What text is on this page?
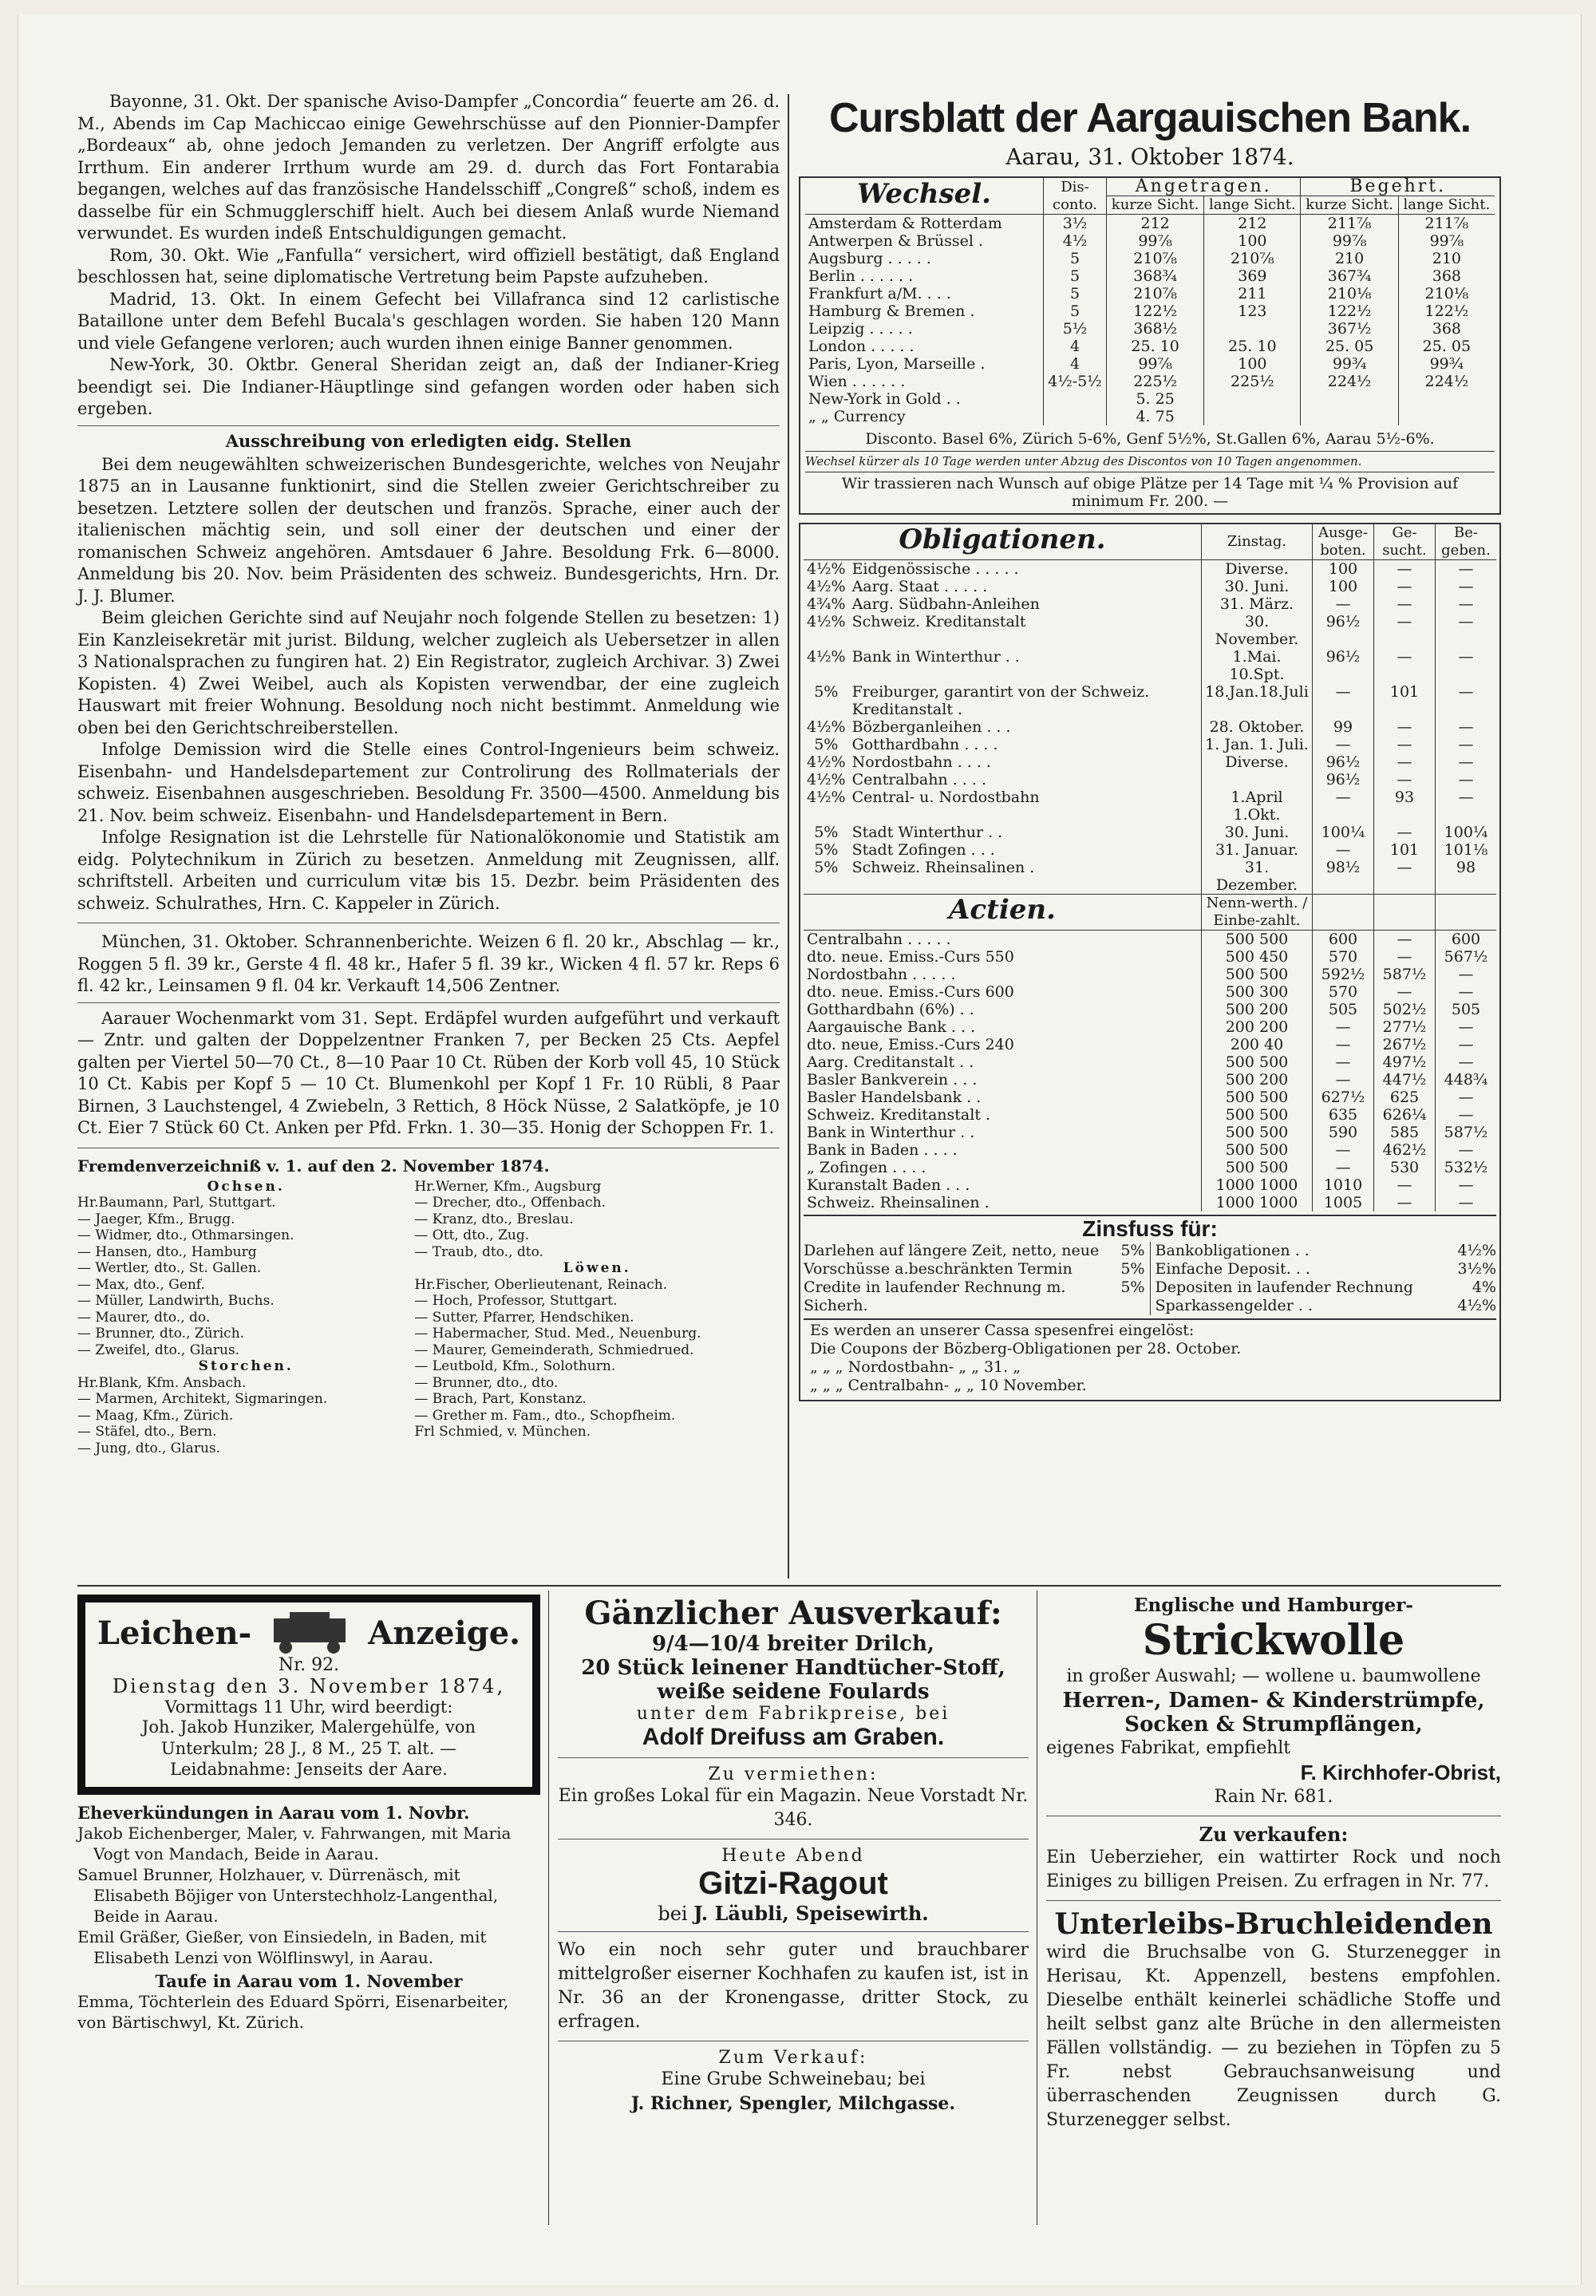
Bayonne, 31. Okt. Der spanische Aviso-Dampfer „Concordia“ feuerte am 26. d. M., Abends im Cap Machiccao einige Gewehrschüsse auf den Pionnier-Dampfer „Bordeaux“ ab, ohne jedoch Jemanden zu verletzen. Der Angriff erfolgte aus Irrthum. Ein anderer Irrthum wurde am 29. d. durch das Fort Fontarabia begangen, welches auf das französische Handelsschiff „Congreß“ schoß, indem es dasselbe für ein Schmugglerschiff hielt. Auch bei diesem Anlaß wurde Niemand verwundet. Es wurden indeß Entschuldigungen gemacht.

Rom, 30. Okt. Wie „Fanfulla“ versichert, wird offiziell bestätigt, daß England beschlossen hat, seine diplomatische Vertretung beim Papste aufzuheben.

Madrid, 13. Okt. In einem Gefecht bei Villafranca sind 12 carlistische Bataillone unter dem Befehl Bucala's geschlagen worden. Sie haben 120 Mann und viele Gefangene verloren; auch wurden ihnen einige Banner genommen.

New-York, 30. Oktbr. General Sheridan zeigt an, daß der Indianer-Krieg beendigt sei. Die Indianer-Häuptlinge sind gefangen worden oder haben sich ergeben.

Ausschreibung von erledigten eidg. Stellen

Bei dem neugewählten schweizerischen Bundesgerichte, welches von Neujahr 1875 an in Lausanne funktionirt, sind die Stellen zweier Gerichtschreiber zu besetzen. Letztere sollen der deutschen und französ. Sprache, einer auch der italienischen mächtig sein, und soll einer der deutschen und einer der romanischen Schweiz angehören. Amtsdauer 6 Jahre. Besoldung Frk. 6—8000. Anmeldung bis 20. Nov. beim Präsidenten des schweiz. Bundesgerichts, Hrn. Dr. J. J. Blumer.

Beim gleichen Gerichte sind auf Neujahr noch folgende Stellen zu besetzen: 1) Ein Kanzleisekretär mit jurist. Bildung, welcher zugleich als Uebersetzer in allen 3 Nationalsprachen zu fungiren hat. 2) Ein Registrator, zugleich Archivar. 3) Zwei Kopisten. 4) Zwei Weibel, auch als Kopisten verwendbar, der eine zugleich Hauswart mit freier Wohnung. Besoldung noch nicht bestimmt. Anmeldung wie oben bei den Gerichtschreiberstellen.

Infolge Demission wird die Stelle eines Control-Ingenieurs beim schweiz. Eisenbahn- und Handelsdepartement zur Controlirung des Rollmaterials der schweiz. Eisenbahnen ausgeschrieben. Besoldung Fr. 3500—4500. Anmeldung bis 21. Nov. beim schweiz. Eisenbahn- und Handelsdepartement in Bern.

Infolge Resignation ist die Lehrstelle für Nationalökonomie und Statistik am eidg. Polytechnikum in Zürich zu besetzen. Anmeldung mit Zeugnissen, allf. schriftstell. Arbeiten und curriculum vitæ bis 15. Dezbr. beim Präsidenten des schweiz. Schulrathes, Hrn. C. Kappeler in Zürich.

München, 31. Oktober. Schrannenberichte. Weizen 6 fl. 20 kr., Abschlag — kr., Roggen 5 fl. 39 kr., Gerste 4 fl. 48 kr., Hafer 5 fl. 39 kr., Wicken 4 fl. 57 kr. Reps 6 fl. 42 kr., Leinsamen 9 fl. 04 kr. Verkauft 14,506 Zentner.

Aarauer Wochenmarkt vom 31. Sept. Erdäpfel wurden aufgeführt und verkauft — Zntr. und galten der Doppelzentner Franken 7, per Becken 25 Cts. Aepfel galten per Viertel 50—70 Ct., 8—10 Paar 10 Ct. Rüben der Korb voll 45, 10 Stück 10 Ct. Kabis per Kopf 5 — 10 Ct. Blumenkohl per Kopf 1 Fr. 10 Rübli, 8 Paar Birnen, 3 Lauchstengel, 4 Zwiebeln, 3 Rettich, 8 Höck Nüsse, 2 Salatköpfe, je 10 Ct. Eier 7 Stück 60 Ct. Anken per Pfd. Frkn. 1. 30—35. Honig der Schoppen Fr. 1.

Fremdenverzeichniß v. 1. auf den 2. November 1874.
Ochsen.
Hr.Baumann, Parl, Stuttgart.
— Jaeger, Kfm., Brugg.
— Widmer, dto., Othmarsingen.
— Hansen, dto., Hamburg
— Wertler, dto., St. Gallen.
— Max, dto., Genf.
— Müller, Landwirth, Buchs.
— Maurer, dto., do.
— Brunner, dto., Zürich.
— Zweifel, dto., Glarus.
Storchen.
Hr.Blank, Kfm. Ansbach.
— Marmen, Architekt, Sigmaringen.
— Maag, Kfm., Zürich.
— Stäfel, dto., Bern.
— Jung, dto., Glarus.
Hr.Werner, Kfm., Augsburg
— Drecher, dto., Offenbach.
— Kranz, dto., Breslau.
— Ott, dto., Zug.
— Traub, dto., dto.
Löwen.
Hr.Fischer, Oberlieutenant, Reinach.
— Hoch, Professor, Stuttgart.
— Sutter, Pfarrer, Hendschiken.
— Habermacher, Stud. Med., Neuenburg.
— Maurer, Gemeinderath, Schmiedrued.
— Leutbold, Kfm., Solothurn.
— Brunner, dto., dto.
— Brach, Part, Konstanz.
— Grether m. Fam., dto., Schopfheim.
Frl Schmied, v. München.
Cursblatt der Aargauischen Bank.
Aarau, 31. Oktober 1874.
Wechsel.	Dis-conto.	Angetragen.		Begehrt.	
		kurze Sicht.	lange Sicht.	kurze Sicht.	lange Sicht.
Amsterdam & Rotterdam	3½	212	212	211⅞	211⅞
Antwerpen & Brüssel .	4½	99⅞	100	99⅞	99⅞
Augsburg . . . . .	5	210⅞	210⅞	210	210
Berlin . . . . . .	5	368¾	369	367¾	368
Frankfurt a/M. . . .	5	210⅞	211	210⅛	210⅛
Hamburg & Bremen .	5	122½	123	122½	122½
Leipzig . . . . .	5½	368½		367½	368
London . . . . .	4	25. 10	25. 10	25. 05	25. 05
Paris, Lyon, Marseille .	4	99⅞	100	99¾	99¾
Wien . . . . . .	4½-5½	225½	225½	224½	224½
New-York in Gold . .		5. 25			
„ „ Currency		4. 75			
Disconto. Basel 6%, Zürich 5-6%, Genf 5½%, St.Gallen 6%, Aarau 5½-6%.
Wechsel kürzer als 10 Tage werden unter Abzug des Discontos von 10 Tagen angenommen.
Wir trassieren nach Wunsch auf obige Plätze per 14 Tage mit ¼ % Provision auf minimum Fr. 200. —
Obligationen.		Zinstag.	Ausge-boten.	Ge-sucht.	Be-geben.
4½%	Eidgenössische . . . . .	Diverse.	100	—	—
4½%	Aarg. Staat . . . . .	30. Juni.	100	—	—
4¾%	Aarg. Südbahn-Anleihen	31. März.	—	—	—
4½%	Schweiz. Kreditanstalt	30. November.	96½	—	—
4½%	Bank in Winterthur . .	1.Mai. 10.Spt.	96½	—	—
5%	Freiburger, garantirt von der Schweiz. Kreditanstalt .	18.Jan.18.Juli	—	101	—
4½%	Bözberganleihen . . .	28. Oktober.	99	—	—
5%	Gotthardbahn . . . .	1. Jan. 1. Juli.	—	—	—
4½%	Nordostbahn . . . .	Diverse.	96½	—	—
4½%	Centralbahn . . . .		96½	—	—
4½%	Central- u. Nordostbahn	1.April 1.Okt.	—	93	—
5%	Stadt Winterthur . .	30. Juni.	100¼	—	100¼
5%	Stadt Zofingen . . .	31. Januar.	—	101	101⅛
5%	Schweiz. Rheinsalinen .	31. Dezember.	98½	—	98
Actien.		Nenn-werth. / Einbe-zahlt.			
Centralbahn . . . . .		500 500	600	—	600
dto. neue. Emiss.-Curs 550		500 450	570	—	567½
Nordostbahn . . . . .		500 500	592½	587½	—
dto. neue. Emiss.-Curs 600		500 300	570	—	—
Gotthardbahn (6%) . .		500 200	505	502½	505
Aargauische Bank . . .		200 200	—	277½	—
dto. neue, Emiss.-Curs 240		200 40	—	267½	—
Aarg. Creditanstalt . .		500 500	—	497½	—
Basler Bankverein . . .		500 200	—	447½	448¾
Basler Handelsbank . .		500 500	627½	625	—
Schweiz. Kreditanstalt .		500 500	635	626¼	—
Bank in Winterthur . .		500 500	590	585	587½
Bank in Baden . . . .		500 500	—	462½	—
„ Zofingen . . . .		500 500	—	530	532½
Kuranstalt Baden . . .		1000 1000	1010	—	—
Schweiz. Rheinsalinen .		1000 1000	1005	—	—
Zinsfuss für:
Darlehen auf längere Zeit, netto, neue 5%
Vorschüsse a.beschränkten Termin	5%
Credite in laufender Rechnung m. Sicherh.
5%
Bankobligationen . .	4½%
Einfache Deposit. . .	3½%
Depositen in laufender Rechnung	4%
Sparkassengelder . .	4½%
Es werden an unserer Cassa spesenfrei eingelöst:
Die Coupons der Bözberg-Obligationen per 28. October.
„ „ „ Nordostbahn- „ „ 31. „
„ „ „ Centralbahn- „ „ 10 November.
Leichen-	Anzeige.
Nr. 92.
Dienstag den 3. November 1874,
Vormittags 11 Uhr, wird beerdigt:
Joh. Jakob Hunziker, Malergehülfe, von Unterkulm; 28 J., 8 M., 25 T. alt. —
Leidabnahme: Jenseits der Aare.
Eheverkündungen in Aarau vom 1. Novbr.

Jakob Eichenberger, Maler, v. Fahrwangen, mit Maria Vogt von Mandach, Beide in Aarau.

Samuel Brunner, Holzhauer, v. Dürrenäsch, mit Elisabeth Böjiger von Unterstechholz-Langenthal, Beide in Aarau.

Emil Gräßer, Gießer, von Einsiedeln, in Baden, mit Elisabeth Lenzi von Wölflinswyl, in Aarau.

Taufe in Aarau vom 1. November
Emma, Töchterlein des Eduard Spörri, Eisenarbeiter, von Bärtischwyl, Kt. Zürich.
Gänzlicher Ausverkauf:
9/4—10/4 breiter Drilch,
20 Stück leinener Handtücher-Stoff,
weiße seidene Foulards
unter dem Fabrikpreise, bei
Adolf Dreifuss am Graben.
Zu vermiethen:
Ein großes Lokal für ein Magazin. Neue Vorstadt Nr. 346.
Heute Abend
Gitzi-Ragout
bei J. Läubli, Speisewirth.
Wo ein noch sehr guter und brauchbarer mittelgroßer eiserner Kochhafen zu kaufen ist, ist in Nr. 36 an der Kronengasse, dritter Stock, zu erfragen.
Zum Verkauf:
Eine Grube Schweinebau; bei
J. Richner, Spengler, Milchgasse.
Englische und Hamburger-
Strickwolle
in großer Auswahl; — wollene u. baumwollene
Herren-, Damen- & Kinderstrümpfe,
Socken & Strumpflängen,
eigenes Fabrikat, empfiehlt
F. Kirchhofer-Obrist,
Rain Nr. 681.
Zu verkaufen:
Ein Ueberzieher, ein wattirter Rock und noch Einiges zu billigen Preisen. Zu erfragen in Nr. 77.
Unterleibs-Bruchleidenden
wird die Bruchsalbe von G. Sturzenegger in Herisau, Kt. Appenzell, bestens empfohlen. Dieselbe enthält keinerlei schädliche Stoffe und heilt selbst ganz alte Brüche in den allermeisten Fällen vollständig. — zu beziehen in Töpfen zu 5 Fr. nebst Gebrauchsanweisung und überraschenden Zeugnissen durch G. Sturzenegger selbst.
